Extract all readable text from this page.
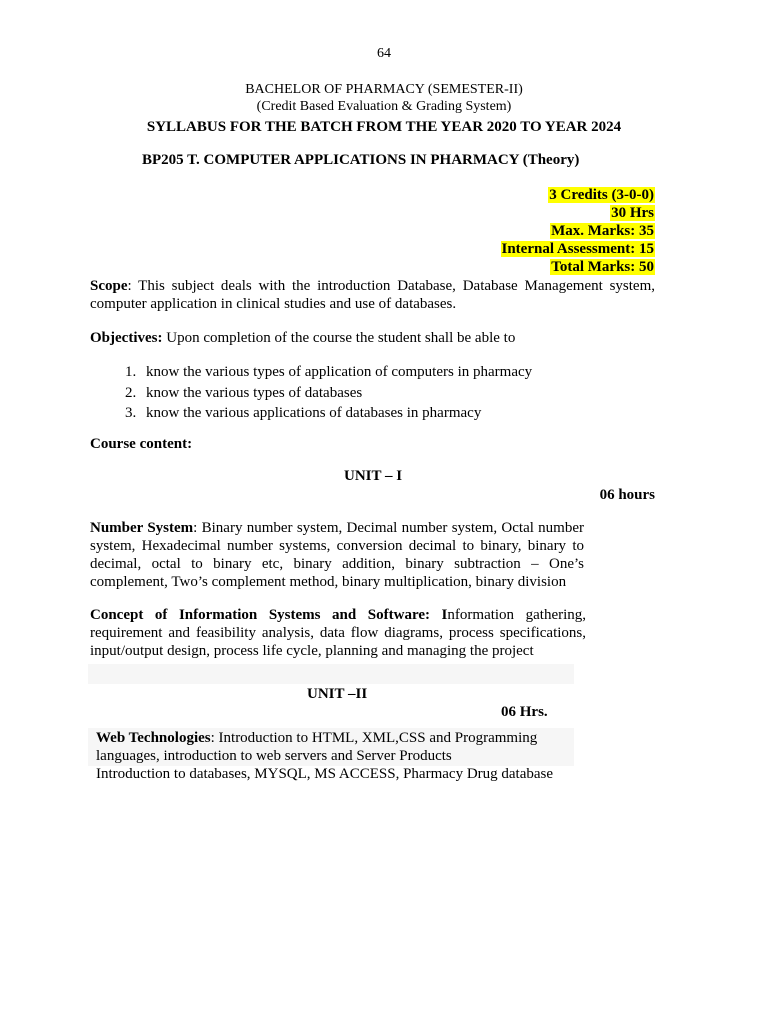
64
BACHELOR OF PHARMACY (SEMESTER-II)
(Credit Based Evaluation & Grading System)
SYLLABUS FOR THE BATCH FROM THE YEAR 2020 TO YEAR 2024
BP205 T. COMPUTER APPLICATIONS IN PHARMACY (Theory)
3 Credits (3-0-0)
30 Hrs
Max. Marks: 35
Internal Assessment: 15
Total Marks: 50
Scope: This subject deals with the introduction Database, Database Management system, computer application in clinical studies and use of databases.
Objectives: Upon completion of the course the student shall be able to
1. know the various types of application of computers in pharmacy
2. know the various types of databases
3. know the various applications of databases in pharmacy
Course content:
UNIT – I
06 hours
Number System: Binary number system, Decimal number system, Octal number system, Hexadecimal number systems, conversion decimal to binary, binary to decimal, octal to binary etc, binary addition, binary subtraction – One’s complement, Two’s complement method, binary multiplication, binary division
Concept of Information Systems and Software: Information gathering, requirement and feasibility analysis, data flow diagrams, process specifications, input/output design, process life cycle, planning and managing the project
UNIT –II
06 Hrs.
Web Technologies: Introduction to HTML, XML,CSS and Programming languages, introduction to web servers and Server Products
Introduction to databases, MYSQL, MS ACCESS, Pharmacy Drug database
